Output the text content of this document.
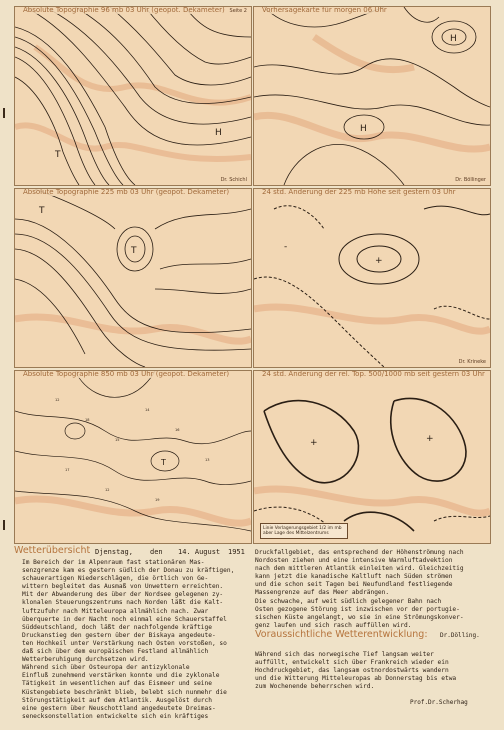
T
H
Absolute Topographie 96 mb 03 Uhr (geopot. Dekameter) Seite 2
Dr. Schichl
H
H
Vorhersagekarte für morgen 06 Uhr
Dr. Böllinger
T
T
Absolute Topographie 225 mb 03 Uhr (geopot. Dekameter)
+
-
24 std. Änderung der 225 mb Höhe seit gestern 03 Uhr
Dr. Krineke
12
18
15
14
16
13
17
12
19
T
Absolute Topographie 850 mb 03 Uhr (geopot. Dekameter)
+	+
24 std. Änderung der rel. Top. 500/1000 mb seit gestern 03 Uhr
Linie Verlagerungsgebiet 1/2 im mb
aber Lage des Mittelzentrums
Wetterübersicht Djenstag, den 14. August 1951

Im Bereich der im Alpenraum fast stationären Mas-

senzgrenze kam es gestern südlich der Donau zu kräftigen,

schauerartigen Niederschlägen, die örtlich von Ge-

wittern begleitet das Ausmaß von Unwettern erreichten.

Mit der Abwanderung des über der Nordsee gelegenen zy-

klonalen Steuerungszentrums nach Norden läßt die Kalt-

luftzufuhr nach Mitteleuropa allmählich nach. Zwar

überquerte in der Nacht noch einmal eine Schauerstaffel

Süddeutschland, doch läßt der nachfolgende kräftige

Druckanstieg den gestern über der Biskaya angedeute-

ten Hochkeil unter Verstärkung nach Osten vorstoßen, so

daß sich über dem europäischen Festland allmählich

Wetterberuhigung durchsetzen wird.

Während sich über Osteuropa der antizyklonale

Einfluß zunehmend verstärken konnte und die zyklonale

Tätigkeit im wesentlichen auf das Eismeer und seine

Küstengebiete beschränkt blieb, belebt sich nunmehr die

Störungstätigkeit auf dem Atlantik. Ausgelöst durch

eine gestern über Neuschottland angedeutete Dreimas-

senecksonstellation entwickelte sich ein kräftiges

Druckfallgebiet, das entsprechend der Höhenströmung nach

Nordosten ziehen und eine intensive Warmluftadvektion

nach dem mittleren Atlantik einleiten wird. Gleichzeitig

kann jetzt die kanadische Kaltluft nach Süden strömen

und die schon seit Tagen bei Neufundland festliegende

Massengrenze auf das Meer abdrängen.

Die schwache, auf weit südlich gelegener Bahn nach

Osten gezogene Störung ist inzwischen vor der portugie-

sischen Küste angelangt, wo sie in eine Strömungskonver-

genz laufen und sich rasch auffüllen wird.

Dr.Dölling.
Voraussichtliche Wetterentwicklung:

Während sich das norwegische Tief langsam weiter

auffüllt, entwickelt sich über Frankreich wieder ein

Hochdruckgebiet, das langsam ostnordostwärts wandern

und die Witterung Mitteleuropas ab Donnerstag bis etwa

zum Wochenende beherrschen wird.

Prof.Dr.Scherhag
